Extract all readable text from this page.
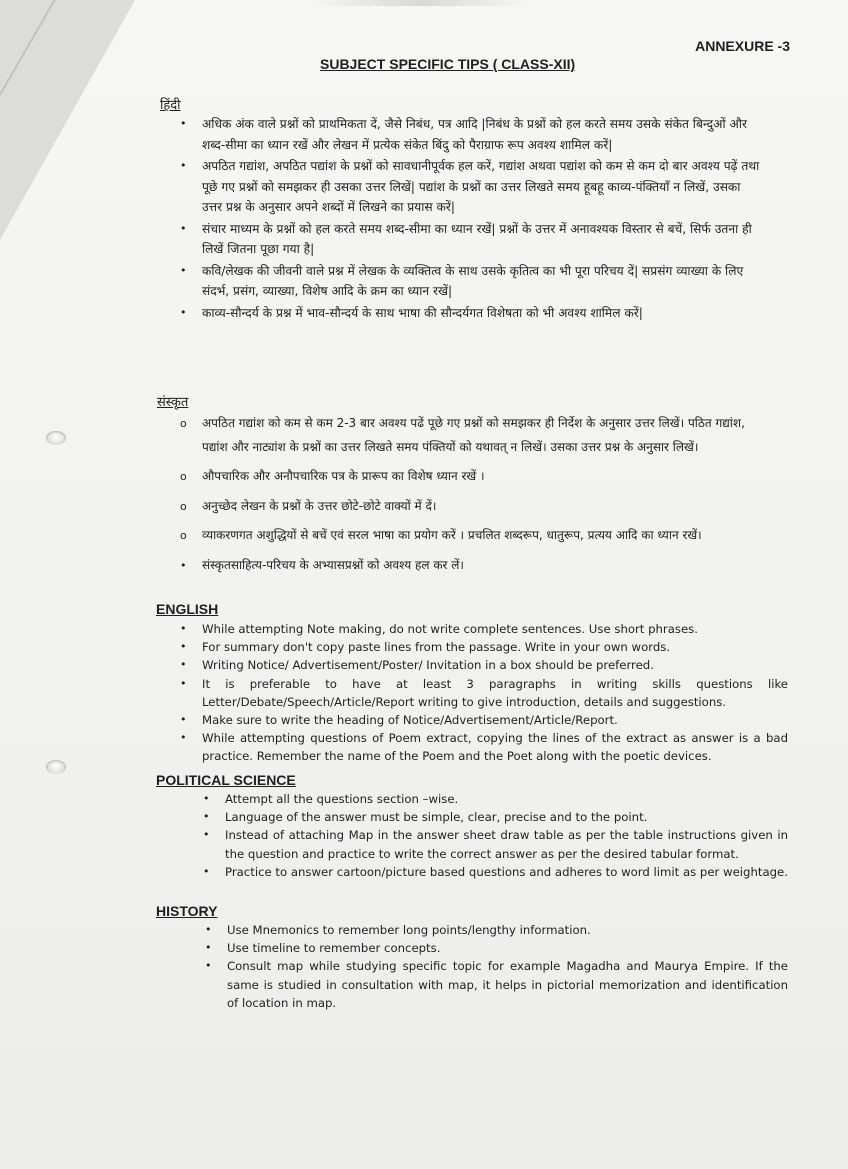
ANNEXURE -3
SUBJECT SPECIFIC TIPS ( CLASS-XII)
हिंदी
• अधिक अंक वाले प्रश्नों को प्राथमिकता दें, जैसे निबंध, पत्र आदि |निबंध के प्रश्नों को हल करते समय उसके संकेत बिन्दुओं और शब्द-सीमा का ध्यान रखें और लेखन में प्रत्येक संकेत बिंदु को पैराग्राफ रूप अवश्य शामिल करें|
• अपठित गद्यांश, अपठित पद्यांश के प्रश्नों को सावधानीपूर्वक हल करें, गद्यांश अथवा पद्यांश को कम से कम दो बार अवश्य पढ़ें तथा पूछे गए प्रश्नों को समझकर ही उसका उत्तर लिखें| पद्यांश के प्रश्नों का उत्तर लिखते समय हूबहू काव्य-पंक्तियाँ न लिखें, उसका उत्तर प्रश्न के अनुसार अपने शब्दों में लिखने का प्रयास करें|
• संचार माध्यम के प्रश्नों को हल करते समय शब्द-सीमा का ध्यान रखें| प्रश्नों के उत्तर में अनावश्यक विस्तार से बचें, सिर्फ उतना ही लिखें जितना पूछा गया है|
• कवि/लेखक की जीवनी वाले प्रश्न में लेखक के व्यक्तित्व के साथ उसके कृतित्व का भी पूरा परिचय दें| सप्रसंग व्याख्या के लिए संदर्भ, प्रसंग, व्याख्या, विशेष आदि के क्रम का ध्यान रखें|
• काव्य-सौन्दर्य के प्रश्न में भाव-सौन्दर्य के साथ भाषा की सौन्दर्यगत विशेषता को भी अवश्य शामिल करें|
संस्कृत
o अपठित गद्यांश को कम से कम 2-3 बार अवश्य पढें पूछे गए प्रश्नों को समझकर ही निर्देश के अनुसार उत्तर लिखें। पठित गद्यांश, पद्यांश और नाट्यांश के प्रश्नों का उत्तर लिखते समय पंक्तियों को यथावत् न लिखें। उसका उत्तर प्रश्न के अनुसार लिखें।
o औपचारिक और अनौपचारिक पत्र के प्रारूप का विशेष ध्यान रखें ।
o अनुच्छेद लेखन के प्रश्नों के उत्तर छोटे-छोटे वाक्यों में दें।
o व्याकरणगत अशुद्धियों से बचें एवं सरल भाषा का प्रयोग करें । प्रचलित शब्दरूप, धातुरूप, प्रत्यय आदि का ध्यान रखें।
• संस्कृतसाहित्य-परिचय के अभ्यासप्रश्नों को अवश्य हल कर लें।
ENGLISH
• While attempting Note making, do not write complete sentences. Use short phrases.
• For summary don't copy paste lines from the passage. Write in your own words.
• Writing Notice/ Advertisement/Poster/ Invitation in a box should be preferred.
• It is preferable to have at least 3 paragraphs in writing skills questions like Letter/Debate/Speech/Article/Report writing to give introduction, details and suggestions.
• Make sure to write the heading of Notice/Advertisement/Article/Report.
• While attempting questions of Poem extract, copying the lines of the extract as answer is a bad practice. Remember the name of the Poem and the Poet along with the poetic devices.
POLITICAL SCIENCE
• Attempt all the questions section –wise.
• Language of the answer must be simple, clear, precise and to the point.
• Instead of attaching Map in the answer sheet draw table as per the table instructions given in the question and practice to write the correct answer as per the desired tabular format.
• Practice to answer cartoon/picture based questions and adheres to word limit as per weightage.
HISTORY
• Use Mnemonics to remember long points/lengthy information.
• Use timeline to remember concepts.
• Consult map while studying specific topic for example Magadha and Maurya Empire. If the same is studied in consultation with map, it helps in pictorial memorization and identification of location in map.
